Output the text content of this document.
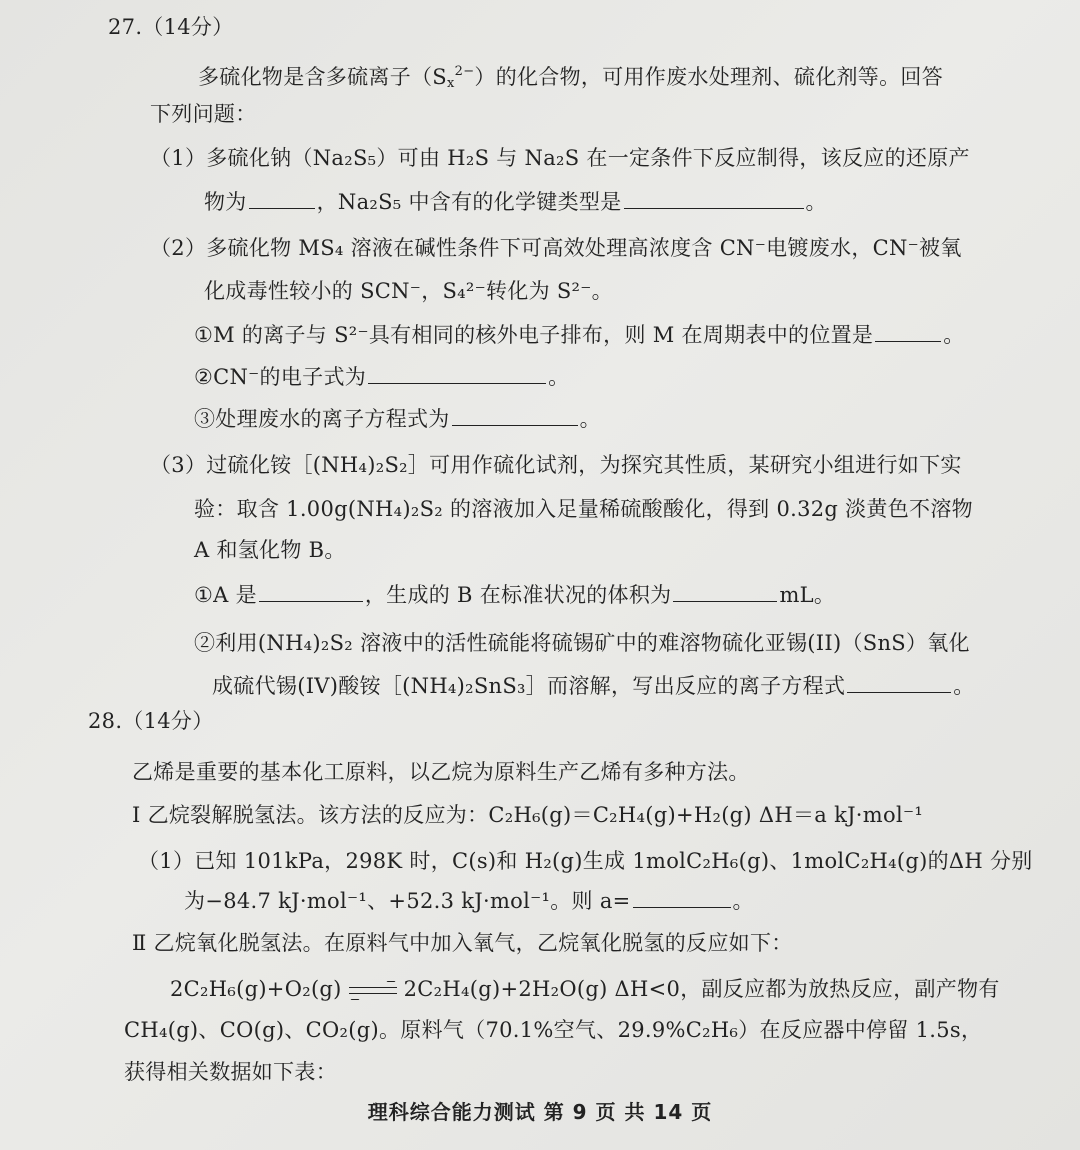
27.（14分）
多硫化物是含多硫离子$(Sx^{2-})$的化合物，可用作废水处理剂、硫化剂等。回答
下列问题：
（1）多硫化钠（Na₂S₅）可由 H₂S 与 Na₂S 在一定条件下反应制得，该反应的还原产
物为	，Na₂S₅ 中含有的化学键类型是	。
（2）多硫化物 MS₄ 溶液在碱性条件下可高效处理高浓度含 CN⁻电镀废水，CN⁻被氧
化成毒性较小的 SCN⁻，S₄²⁻转化为 S²⁻。
①M 的离子与 S²⁻具有相同的核外电子排布，则 M 在周期表中的位置是	。
②CN⁻的电子式为	。
③处理废水的离子方程式为	。
（3）过硫化铵［(NH₄)₂S₂］可用作硫化试剂，为探究其性质，某研究小组进行如下实
验：取含 1.00g(NH₄)₂S₂ 的溶液加入足量稀硫酸酸化，得到 0.32g 淡黄色不溶物
A 和氢化物 B。
①A 是	，生成的 B 在标准状况的体积为	mL。
②利用(NH₄)₂S₂ 溶液中的活性硫能将硫锡矿中的难溶物硫化亚锡(II)（SnS）氧化
成硫代锡(IV)酸铵［(NH₄)₂SnS₃］而溶解，写出反应的离子方程式	。
28.（14分）
乙烯是重要的基本化工原料，以乙烷为原料生产乙烯有多种方法。
Ⅰ 乙烷裂解脱氢法。该方法的反应为：C₂H₆(g)＝C₂H₄(g)+H₂(g) ΔH＝a kJ·mol⁻¹
（1）已知 101kPa，298K 时，C(s)和 H₂(g)生成 1molC₂H₆(g)、1molC₂H₄(g)的ΔH 分别
为−84.7 kJ·mol⁻¹、+52.3 kJ·mol⁻¹。则 a=	。
Ⅱ 乙烷氧化脱氢法。在原料气中加入氧气，乙烷氧化脱氢的反应如下：
2C₂H₆(g)+O₂(g) → 2C₂H₄(g)+2H₂O(g) ΔH<0，副反应都为放热反应，副产物有
CH₄(g)、CO(g)、CO₂(g)。原料气（70.1%空气、29.9%C₂H₆）在反应器中停留 1.5s，
获得相关数据如下表：
理科综合能力测试 第 9 页 共 14 页
